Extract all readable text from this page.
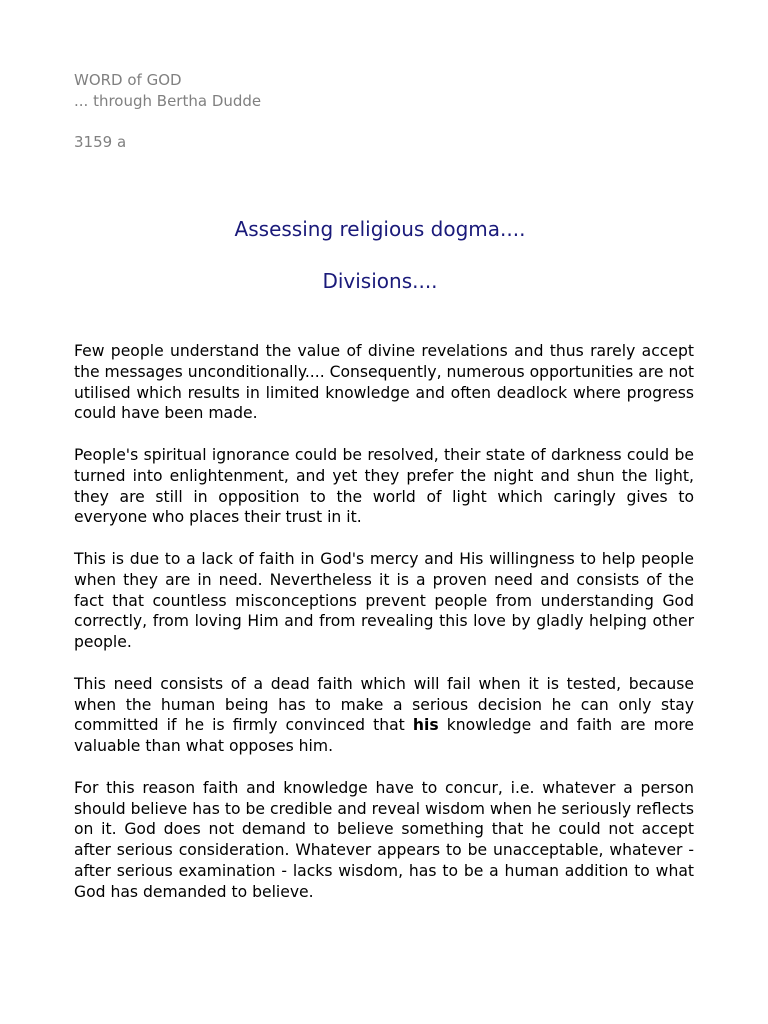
WORD of GOD
... through Bertha Dudde
3159 a
Assessing religious dogma....
Divisions....

Few people understand the value of divine revelations and thus rarely accept the messages unconditionally.... Consequently, numerous opportunities are not utilised which results in limited knowledge and often deadlock where progress could have been made.

People's spiritual ignorance could be resolved, their state of darkness could be turned into enlightenment, and yet they prefer the night and shun the light, they are still in opposition to the world of light which caringly gives to everyone who places their trust in it.

This is due to a lack of faith in God's mercy and His willingness to help people when they are in need. Nevertheless it is a proven need and consists of the fact that countless misconceptions prevent people from understanding God correctly, from loving Him and from revealing this love by gladly helping other people.

This need consists of a dead faith which will fail when it is tested, because when the human being has to make a serious decision he can only stay committed if he is firmly convinced that his knowledge and faith are more valuable than what opposes him.

For this reason faith and knowledge have to concur, i.e. whatever a person should believe has to be credible and reveal wisdom when he seriously reflects on it. God does not demand to believe something that he could not accept after serious consideration. Whatever appears to be unacceptable, whatever - after serious examination - lacks wisdom, has to be a human addition to what God has demanded to believe.
